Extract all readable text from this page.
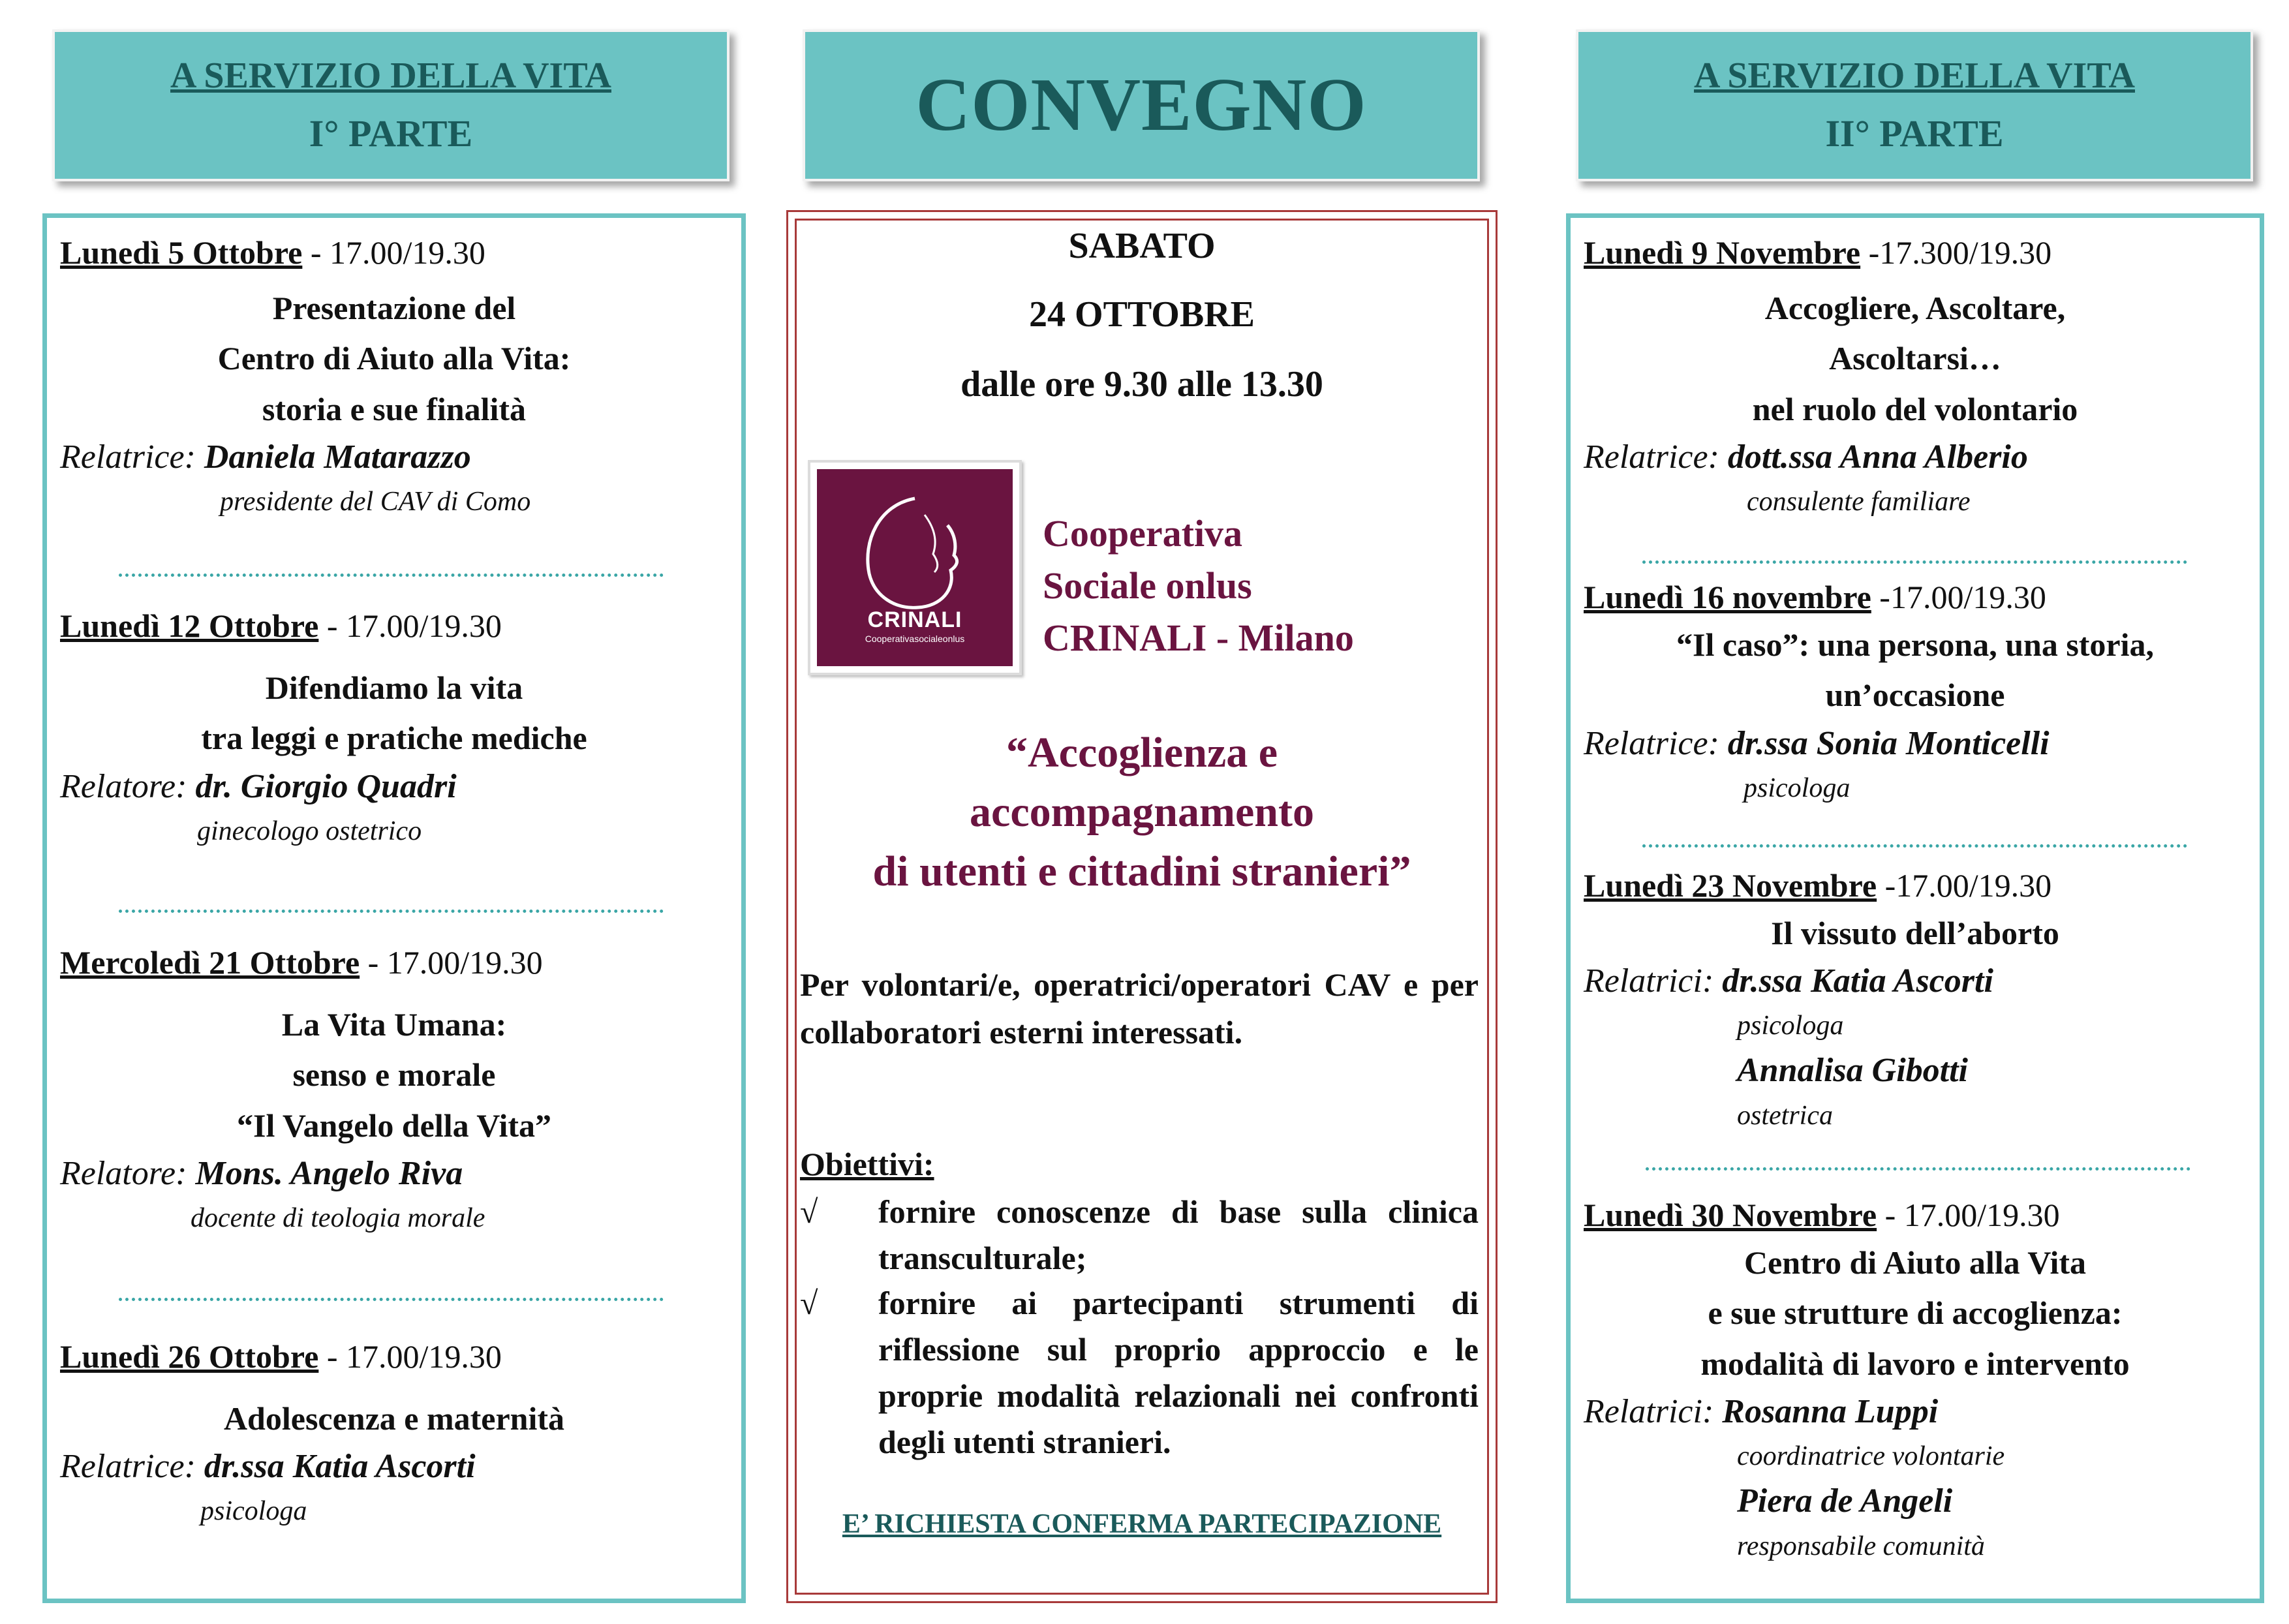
A SERVIZIO DELLA VITA
I° PARTE	CONVEGNO	A SERVIZIO DELLA VITA
II° PARTE
Lunedì 5 Ottobre - 17.00/19.30
Presentazione del
Centro di Aiuto alla Vita:
storia e sue finalità
Relatrice: Daniela Matarazzo
presidente del CAV di Como
Lunedì 12 Ottobre - 17.00/19.30
Difendiamo la vita
tra leggi e pratiche mediche
Relatore: dr. Giorgio Quadri
ginecologo ostetrico
Mercoledì 21 Ottobre - 17.00/19.30
La Vita Umana:
senso e morale
“Il Vangelo della Vita”
Relatore: Mons. Angelo Riva
docente di teologia morale
Lunedì 26 Ottobre - 17.00/19.30
Adolescenza e maternità
Relatrice: dr.ssa Katia Ascorti
psicologa
SABATO
24 OTTOBRE
dalle ore 9.30 alle 13.30
CRINALI
Cooperativasocialeonlus
Cooperativa
Sociale onlus
CRINALI - Milano
“Accoglienza e
accompagnamento
di utenti e cittadini stranieri”
Per volontari/e, operatrici/operatori CAV e per collaboratori esterni interessati.
Obiettivi:
√ fornire conoscenze di base sulla clinica transculturale;
√ fornire ai partecipanti strumenti di riflessione sul proprio approccio e le proprie modalità relazionali nei confronti degli utenti stranieri.
E’ RICHIESTA CONFERMA PARTECIPAZIONE
Lunedì 9 Novembre -17.300/19.30
Accogliere, Ascoltare,
Ascoltarsi…
nel ruolo del volontario
Relatrice: dott.ssa Anna Alberio
consulente familiare
Lunedì 16 novembre -17.00/19.30
“Il caso”: una persona, una storia,
un’occasione
Relatrice: dr.ssa Sonia Monticelli
psicologa
Lunedì 23 Novembre -17.00/19.30
Il vissuto dell’aborto
Relatrici: dr.ssa Katia Ascorti
psicologa
Annalisa Gibotti
ostetrica
Lunedì 30 Novembre - 17.00/19.30
Centro di Aiuto alla Vita
e sue strutture di accoglienza:
modalità di lavoro e intervento
Relatrici: Rosanna Luppi
coordinatrice volontarie
Piera de Angeli
responsabile comunità
